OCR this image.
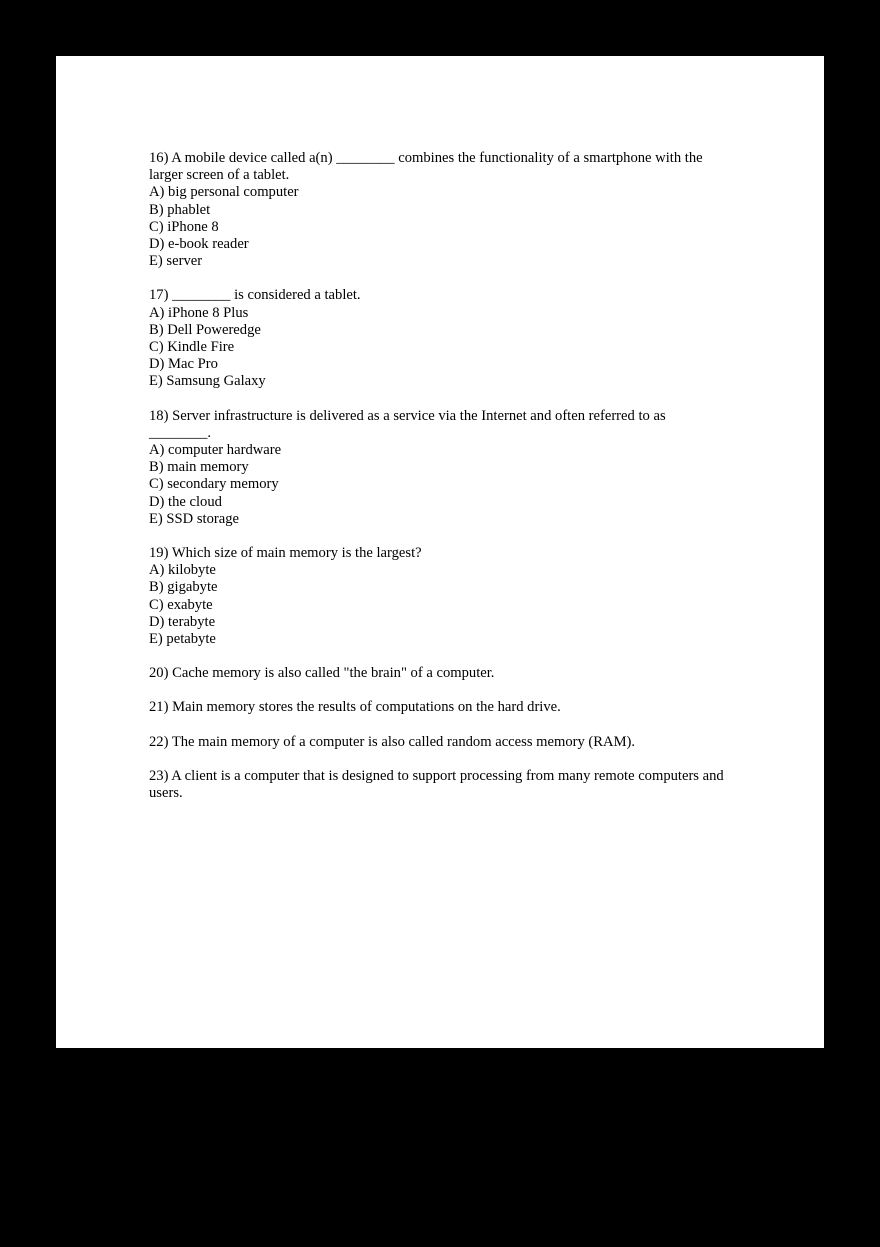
16) A mobile device called a(n) ________ combines the functionality of a smartphone with the larger screen of a tablet.

A) big personal computer

B) phablet

C) iPhone 8

D) e-book reader

E) server

17) ________ is considered a tablet.

A) iPhone 8 Plus

B) Dell Poweredge

C) Kindle Fire

D) Mac Pro

E) Samsung Galaxy

18) Server infrastructure is delivered as a service via the Internet and often referred to as ________.

A) computer hardware

B) main memory

C) secondary memory

D) the cloud

E) SSD storage

19) Which size of main memory is the largest?

A) kilobyte

B) gigabyte

C) exabyte

D) terabyte

E) petabyte

20) Cache memory is also called "the brain" of a computer.

21) Main memory stores the results of computations on the hard drive.

22) The main memory of a computer is also called random access memory (RAM).

23) A client is a computer that is designed to support processing from many remote computers and users.
